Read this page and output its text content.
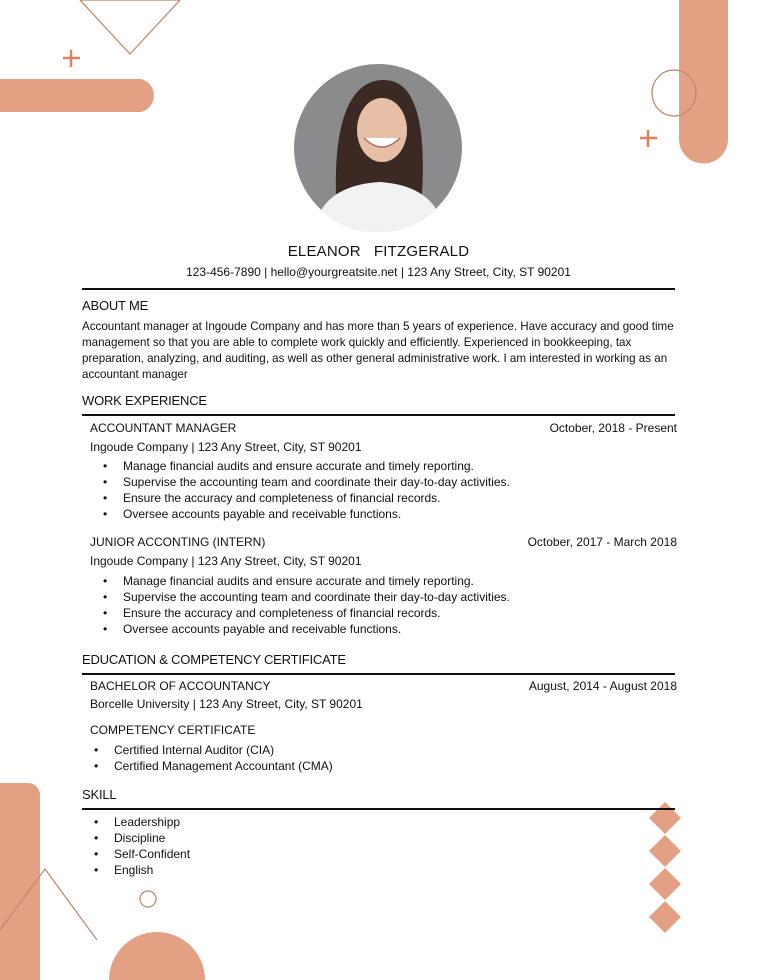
ELEANOR   FITZGERALD
123-456-7890 | hello@yourgreatsite.net | 123 Any Street, City, ST 90201
ABOUT ME
Accountant manager at Ingoude Company and has more than 5 years of experience. Have accuracy and good time management so that you are able to complete work quickly and efficiently. Experienced in bookkeeping, tax preparation, analyzing, and auditing, as well as other general administrative work. I am interested in working as an accountant manager
WORK EXPERIENCE
ACCOUNTANT MANAGER	October, 2018 - Present
Ingoude Company | 123 Any Street, City, ST 90201
• Manage financial audits and ensure accurate and timely reporting.
• Supervise the accounting team and coordinate their day-to-day activities.
• Ensure the accuracy and completeness of financial records.
• Oversee accounts payable and receivable functions.
JUNIOR ACCONTING (INTERN)	October, 2017 - March 2018
Ingoude Company | 123 Any Street, City, ST 90201
• Manage financial audits and ensure accurate and timely reporting.
• Supervise the accounting team and coordinate their day-to-day activities.
• Ensure the accuracy and completeness of financial records.
• Oversee accounts payable and receivable functions.
EDUCATION & COMPETENCY CERTIFICATE
BACHELOR OF ACCOUNTANCY	August, 2014 - August 2018
Borcelle University | 123 Any Street, City, ST 90201
COMPETENCY CERTIFICATE
• Certified Internal Auditor (CIA)
• Certified Management Accountant (CMA)
SKILL
• Leadershipp
• Discipline
• Self-Confident
• English
